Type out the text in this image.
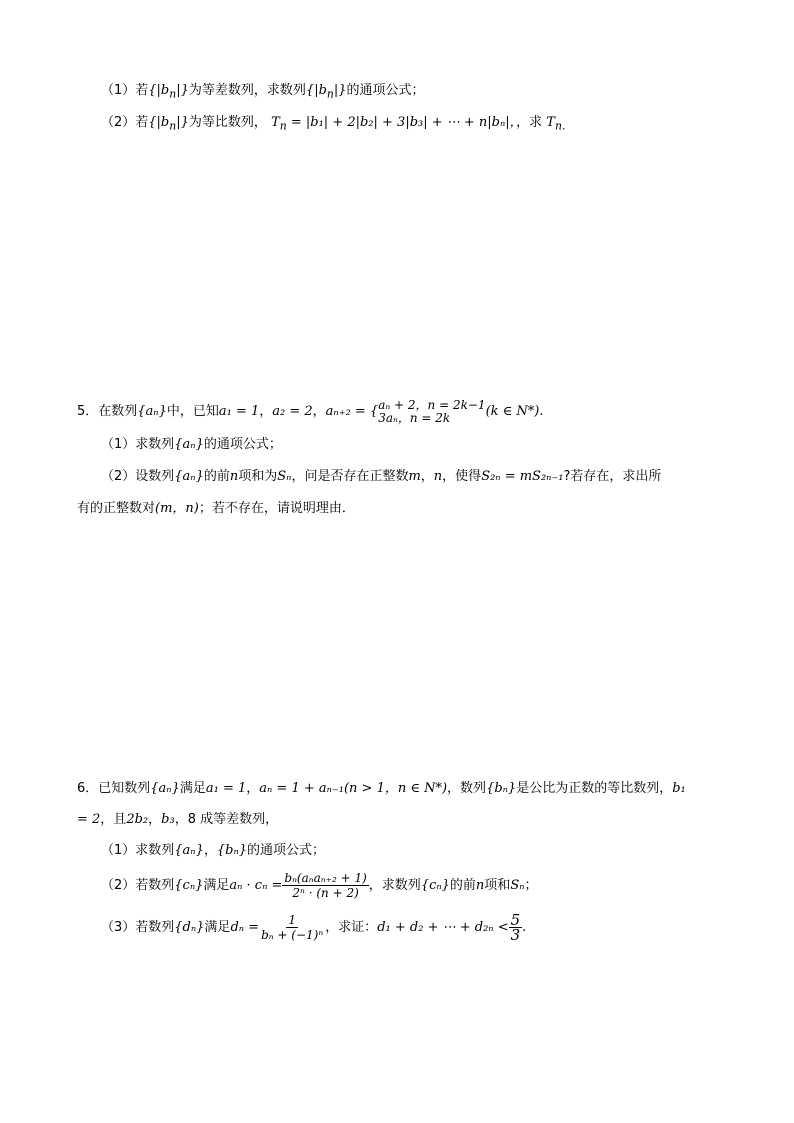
（1）若$\{|b_n|\}$为等差数列，求数列$\{|b_n|\}$的通项公式；
（2）若$\{|b_n|\}$为等比数列， $T_n = |b_1| + 2|b_2| + 3|b_3|$ + ⋯ + n|bₙ|，，求 $T_{n.}$
5．在数列{aₙ}中，已知a₁ = 1，a₂ = 2，aₙ₊₂ = { aₙ + 2，n = 2k−1
3aₙ，n = 2k	(k ∈ N*).
（1）求数列{aₙ}的通项公式；
（2）设数列{aₙ}的前n项和为Sₙ，问是否存在正整数m，n，使得S₂ₙ = mS₂ₙ₋₁?若存在，求出所
有的正整数对(m，n)；若不存在，请说明理由．
6．已知数列{aₙ}满足a₁ = 1，aₙ = 1 + aₙ₋₁(n > 1，n ∈ N*)，数列{bₙ}是公比为正数的等比数列，b₁
= 2，且2b₂，b₃，8 成等差数列，
（1）求数列{aₙ}，{bₙ}的通项公式；
（2）若数列{cₙ}满足$a_n \cdot c_n = \frac{\text{bₙ(aₙaₙ₊₂ + 1)}}{\text{2ⁿ · (n + 2)}}$ ，求数列{cₙ}的前n项和Sₙ；
（3）若数列{dₙ}满足$d_n = \frac{1}{\text{bₙ + (−1)ⁿ}}$ ，求证：d₁ + d₂ + ⋯ + $d_{2n} < \frac{5}{3}$ .
